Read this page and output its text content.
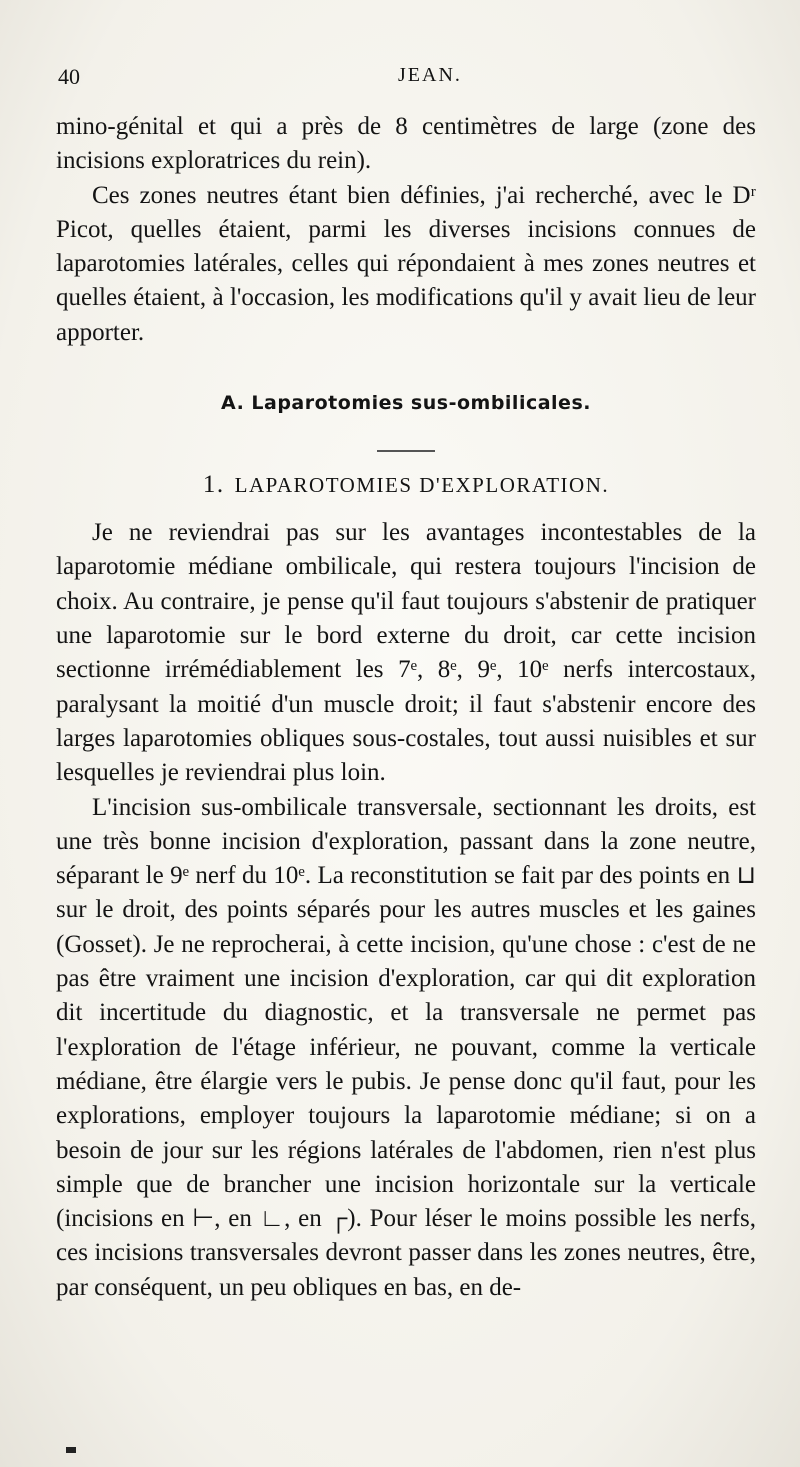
40	JEAN.

mino-génital et qui a près de 8 centimètres de large (zone des incisions exploratrices du rein).

Ces zones neutres étant bien définies, j'ai recherché, avec le Dʳ Picot, quelles étaient, parmi les diverses incisions connues de laparotomies latérales, celles qui répondaient à mes zones neutres et quelles étaient, à l'occasion, les modifications qu'il y avait lieu de leur apporter.

A. Laparotomies sus-ombilicales.
1. LAPAROTOMIES D'EXPLORATION.

Je ne reviendrai pas sur les avantages incontestables de la laparotomie médiane ombilicale, qui restera toujours l'incision de choix. Au contraire, je pense qu'il faut toujours s'abstenir de pratiquer une laparotomie sur le bord externe du droit, car cette incision sectionne irrémédiablement les 7ᵉ, 8ᵉ, 9ᵉ, 10ᵉ nerfs intercostaux, paralysant la moitié d'un muscle droit; il faut s'abstenir encore des larges laparotomies obliques sous-costales, tout aussi nuisibles et sur lesquelles je reviendrai plus loin.

L'incision sus-ombilicale transversale, sectionnant les droits, est une très bonne incision d'exploration, passant dans la zone neutre, séparant le 9ᵉ nerf du 10ᵉ. La reconstitution se fait par des points en ⊔ sur le droit, des points séparés pour les autres muscles et les gaines (Gosset). Je ne reprocherai, à cette incision, qu'une chose : c'est de ne pas être vraiment une incision d'exploration, car qui dit exploration dit incertitude du diagnostic, et la transversale ne permet pas l'exploration de l'étage inférieur, ne pouvant, comme la verticale médiane, être élargie vers le pubis. Je pense donc qu'il faut, pour les explorations, employer toujours la laparotomie médiane; si on a besoin de jour sur les régions latérales de l'abdomen, rien n'est plus simple que de brancher une incision horizontale sur la verticale (incisions en ⊢, en ∟, en ┌). Pour léser le moins possible les nerfs, ces incisions transversales devront passer dans les zones neutres, être, par conséquent, un peu obliques en bas, en de-
